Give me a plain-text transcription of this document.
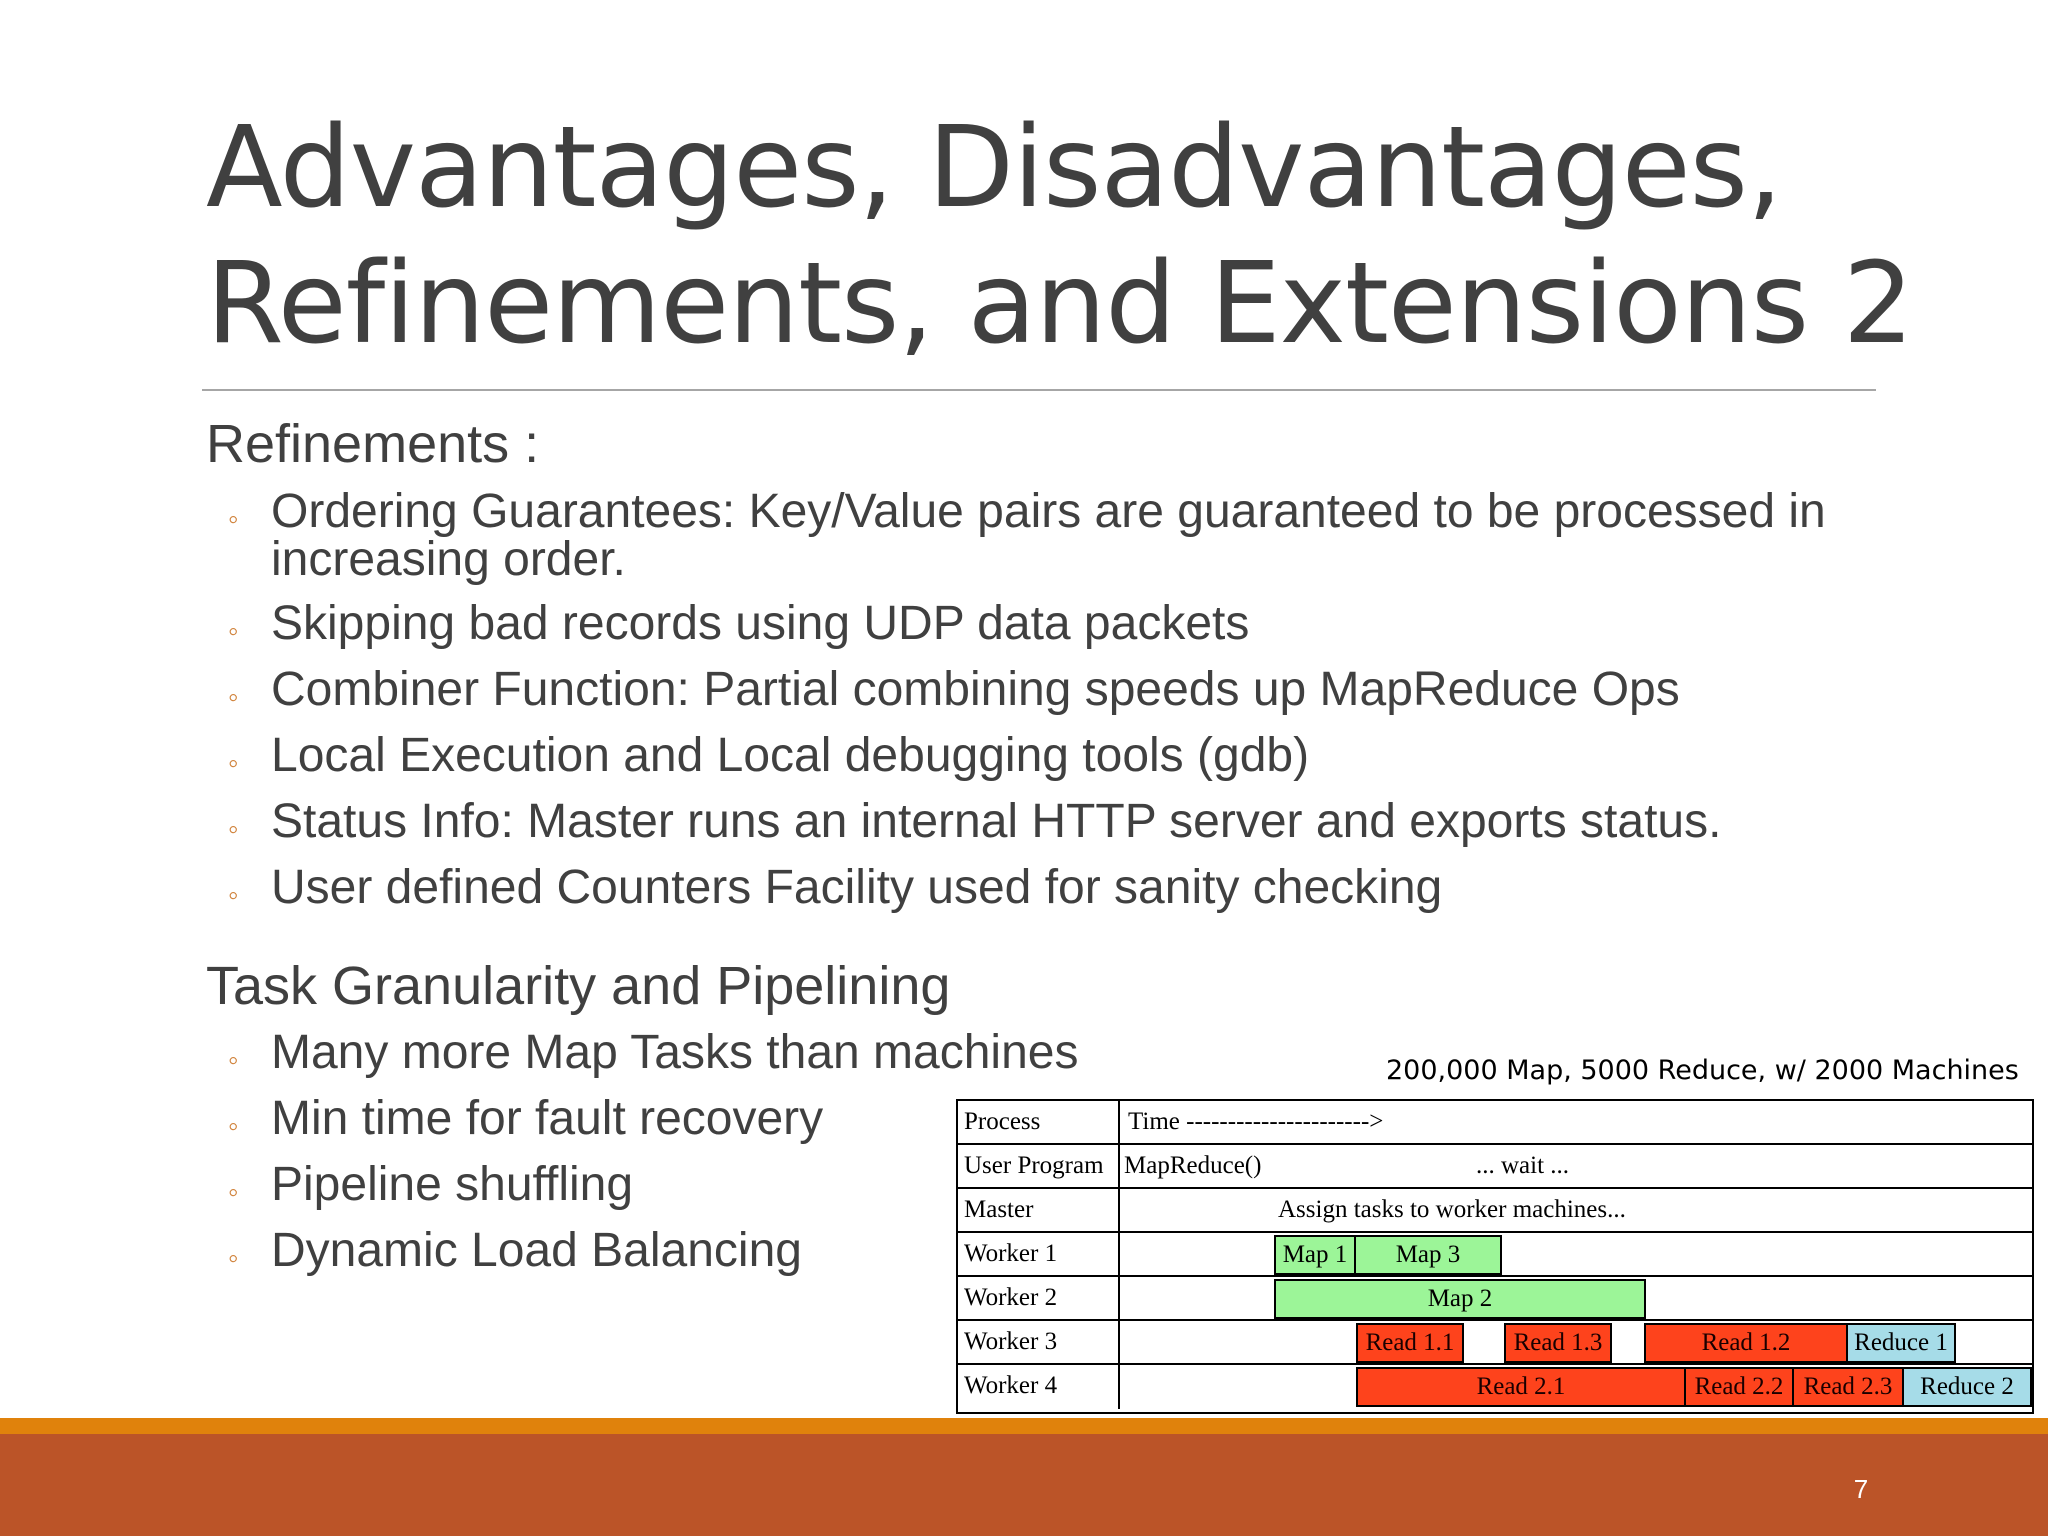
Advantages, Disadvantages,
Refinements, and Extensions 2
Refinements :
◦ Ordering Guarantees: Key/Value pairs are guaranteed to be processed in increasing order.
◦ Skipping bad records using UDP data packets
◦ Combiner Function: Partial combining speeds up MapReduce Ops
◦ Local Execution and Local debugging tools (gdb)
◦ Status Info: Master runs an internal HTTP server and exports status.
◦ User defined Counters Facility used for sanity checking
Task Granularity and Pipelining
◦ Many more Map Tasks than machines
◦ Min time for fault recovery
◦ Pipeline shuffling
◦ Dynamic Load Balancing
200,000 Map, 5000 Reduce, w/ 2000 Machines
Process	Time ---------------------->
User Program MapReduce()	... wait ...
Master	Assign tasks to worker machines...
Worker 1	Map 1	Map 3
Worker 2	Map 2
Worker 3	Read 1.1	Read 1.3	Read 1.2	Reduce 1
Worker 4	Read 2.1	Read 2.2 Read 2.3	Reduce 2
7
